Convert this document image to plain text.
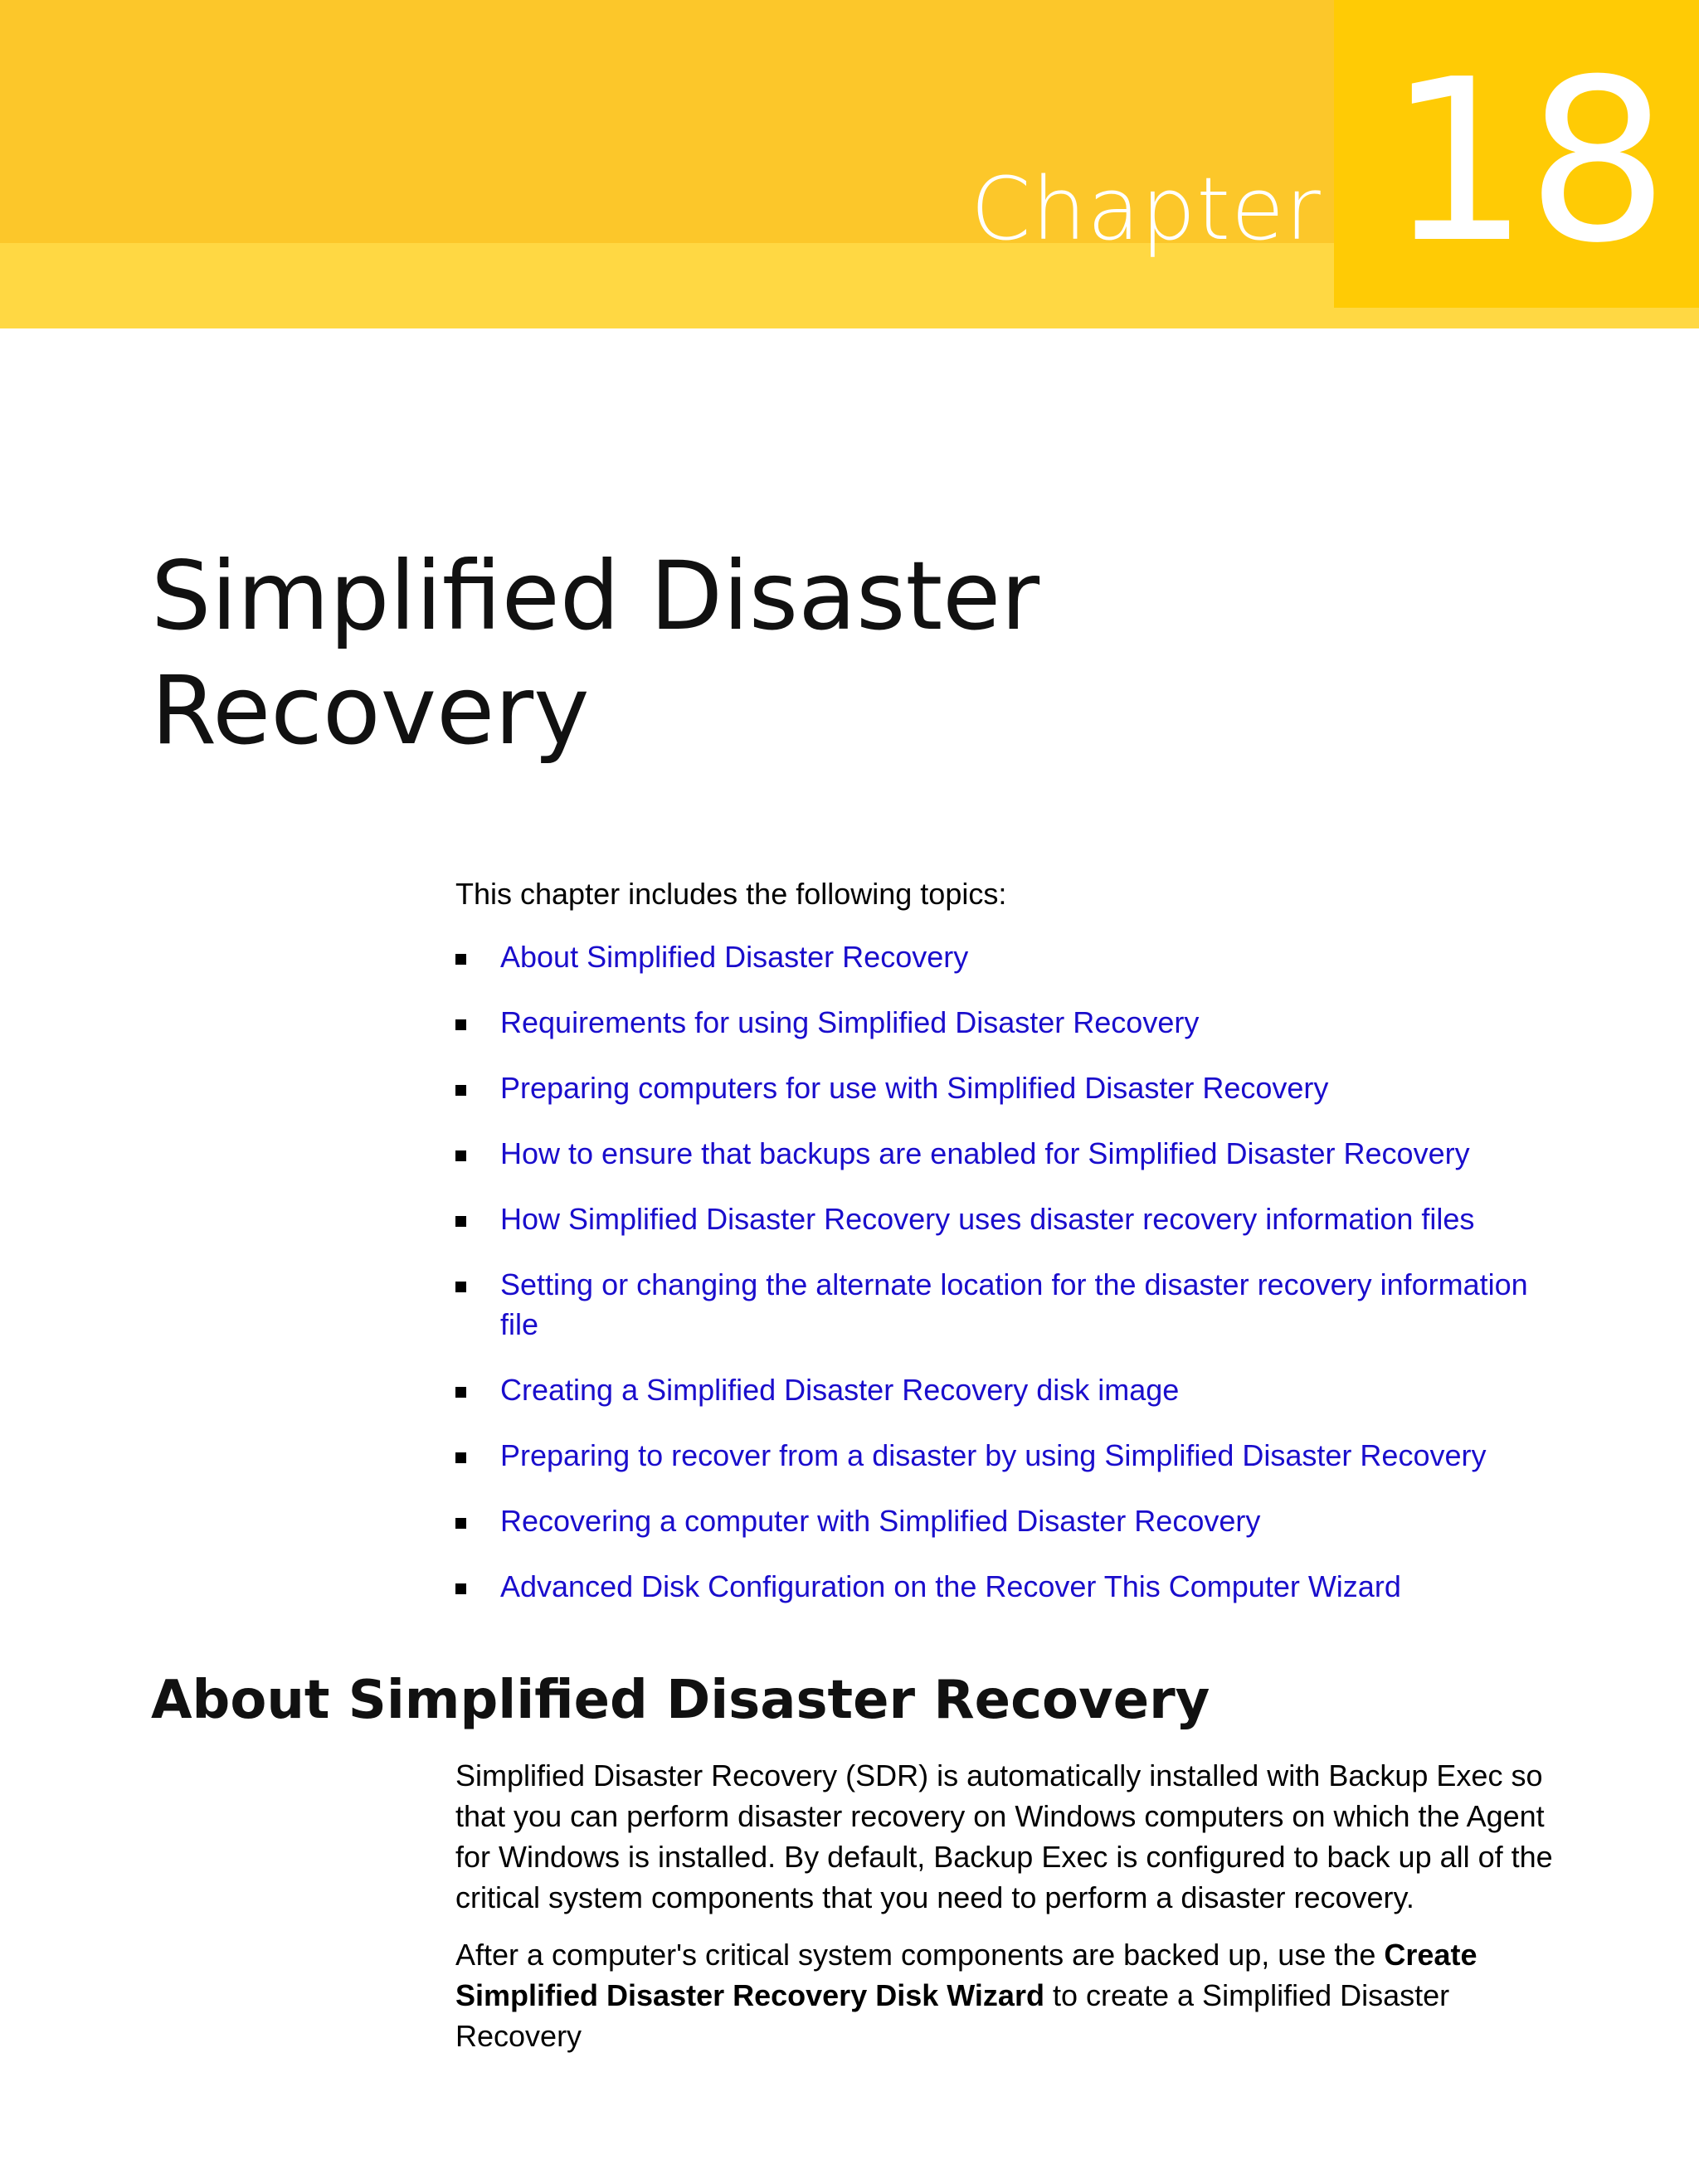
Chapter 18
Simplified Disaster
Recovery

This chapter includes the following topics:

About Simplified Disaster Recovery
Requirements for using Simplified Disaster Recovery
Preparing computers for use with Simplified Disaster Recovery
How to ensure that backups are enabled for Simplified Disaster Recovery
How Simplified Disaster Recovery uses disaster recovery information files
Setting or changing the alternate location for the disaster recovery information file
Creating a Simplified Disaster Recovery disk image
Preparing to recover from a disaster by using Simplified Disaster Recovery
Recovering a computer with Simplified Disaster Recovery
Advanced Disk Configuration on the Recover This Computer Wizard
About Simplified Disaster Recovery

Simplified Disaster Recovery (SDR) is automatically installed with Backup Exec so that you can perform disaster recovery on Windows computers on which the Agent for Windows is installed. By default, Backup Exec is configured to back up all of the critical system components that you need to perform a disaster recovery.

After a computer's critical system components are backed up, use the Create Simplified Disaster Recovery Disk Wizard to create a Simplified Disaster Recovery
